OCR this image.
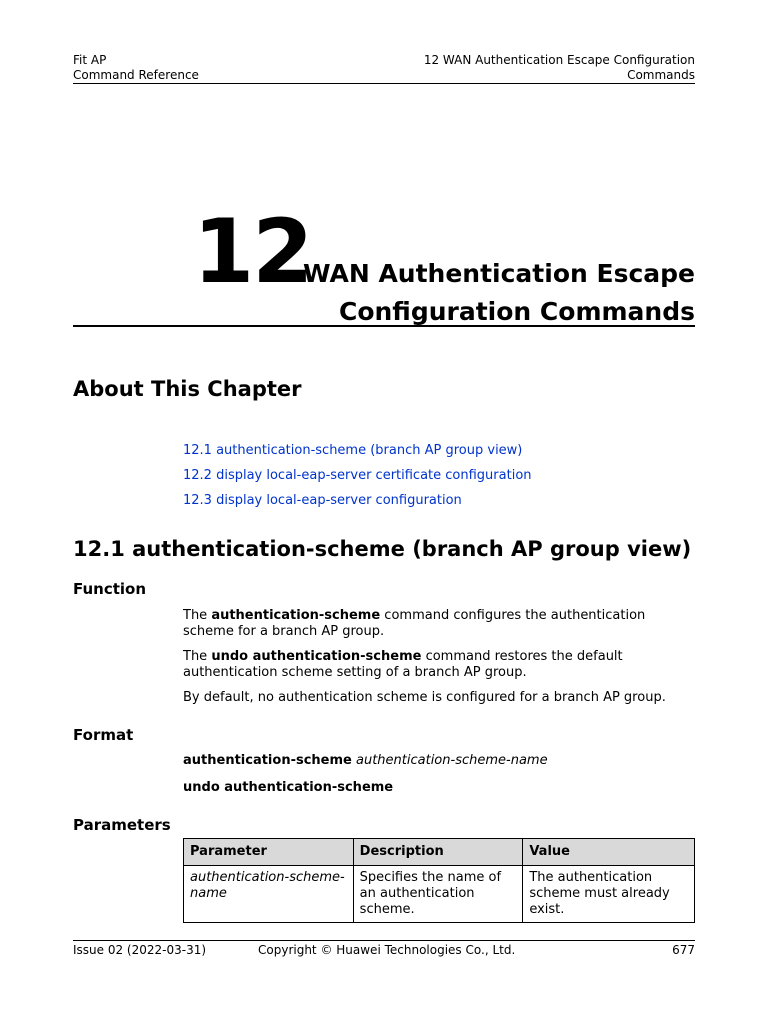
Fit AP
Command Reference
12 WAN Authentication Escape Configuration
Commands
12
WAN Authentication Escape
Configuration Commands
About This Chapter
12.1 authentication-scheme (branch AP group view)
12.2 display local-eap-server certificate configuration
12.3 display local-eap-server configuration
12.1 authentication-scheme (branch AP group view)
Function
The authentication-scheme command configures the authentication scheme for a branch AP group.
The undo authentication-scheme command restores the default authentication scheme setting of a branch AP group.
By default, no authentication scheme is configured for a branch AP group.
Format
authentication-scheme authentication-scheme-name
undo authentication-scheme
Parameters
Parameter	Description	Value
authentication-scheme-name	Specifies the name of an authentication scheme.	The authentication scheme must already exist.
Issue 02 (2022-03-31)	Copyright © Huawei Technologies Co., Ltd.	677
